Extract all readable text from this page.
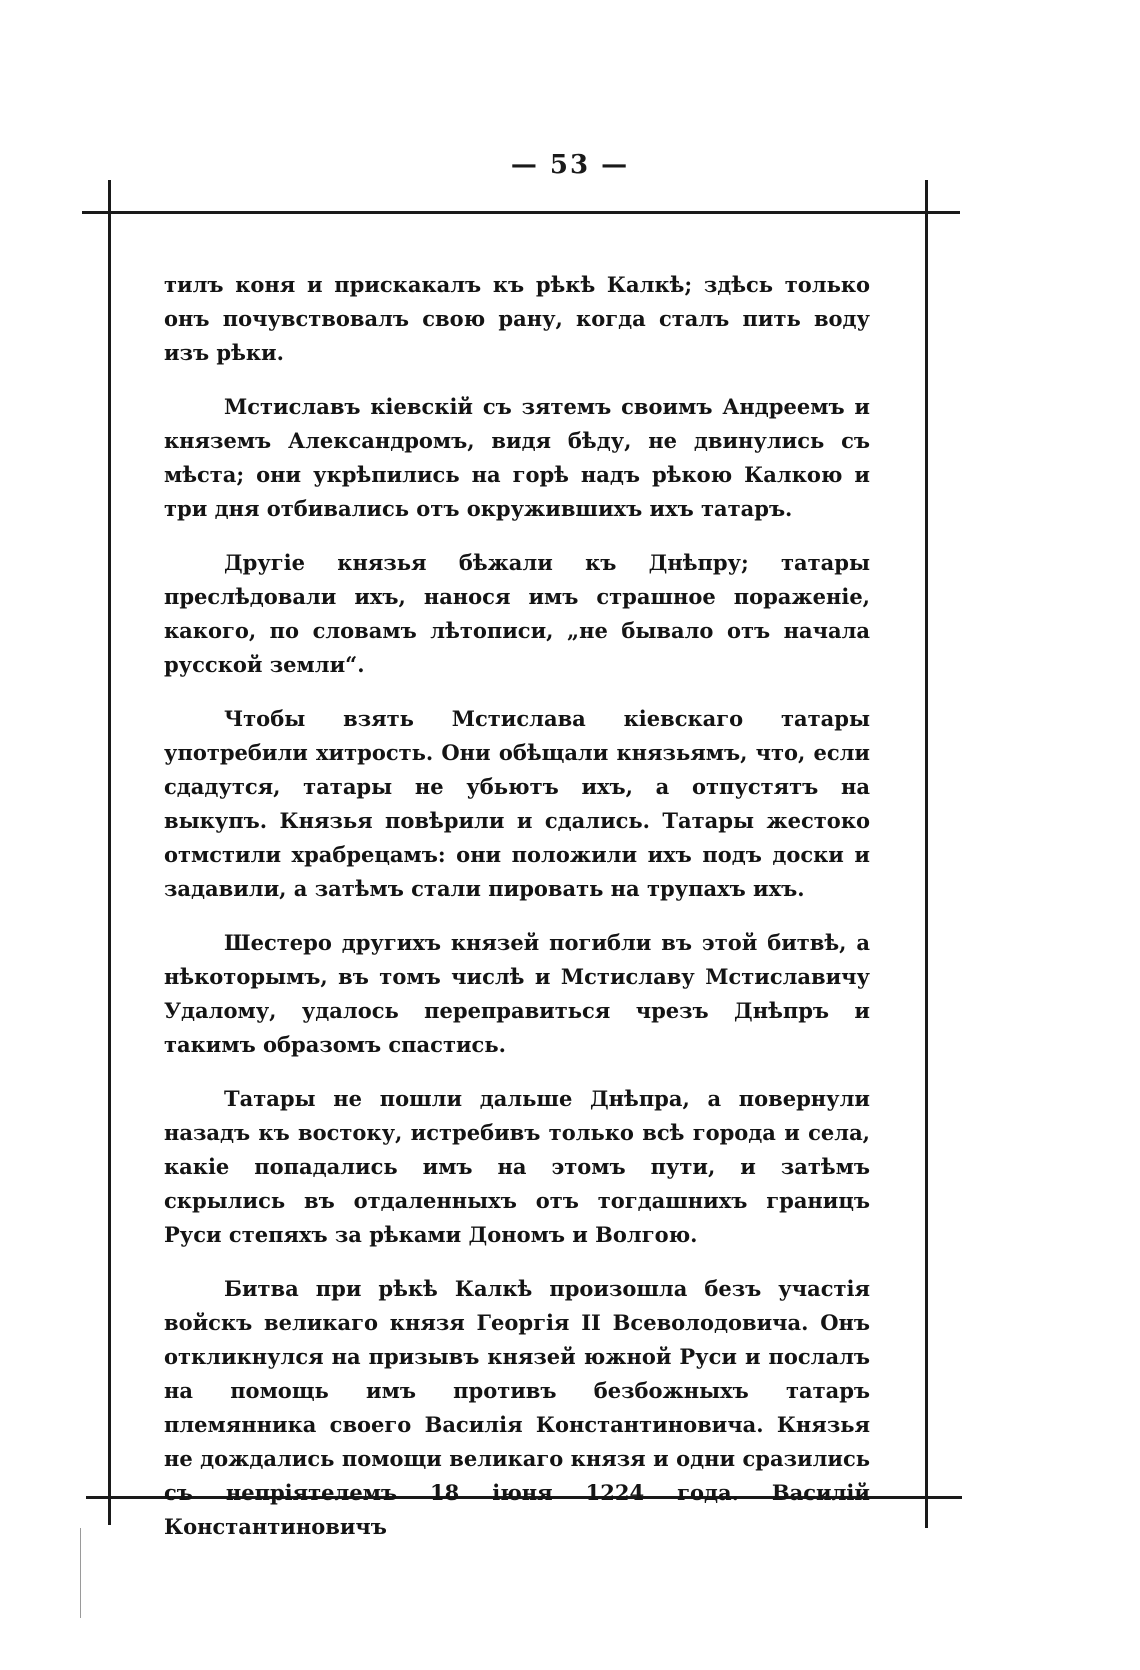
— 53 —

тилъ коня и прискакалъ къ рѣкѣ Калкѣ; здѣсь только онъ почувствовалъ свою рану, когда сталъ пить воду изъ рѣки.

Мстиславъ кіевскій съ зятемъ своимъ Андреемъ и княземъ Александромъ, видя бѣду, не двинулись съ мѣста; они укрѣпились на горѣ надъ рѣкою Калкою и три дня отбивались отъ окружившихъ ихъ татаръ.

Другіе князья бѣжали къ Днѣпру; татары преслѣдовали ихъ, нанося имъ страшное пораженіе, какого, по словамъ лѣтописи, „не бывало отъ начала русской земли“.

Чтобы взять Мстислава кіевскаго татары употребили хитрость. Они обѣщали князьямъ, что, если сдадутся, татары не убьютъ ихъ, а отпустятъ на выкупъ. Князья повѣрили и сдались. Татары жестоко отмстили храбрецамъ: они положили ихъ подъ доски и задавили, а затѣмъ стали пировать на трупахъ ихъ.

Шестеро другихъ князей погибли въ этой битвѣ, а нѣкоторымъ, въ томъ числѣ и Мстиславу Мстиславичу Удалому, удалось переправиться чрезъ Днѣпръ и такимъ образомъ спастись.

Татары не пошли дальше Днѣпра, а повернули назадъ къ востоку, истребивъ только всѣ города и села, какіе попадались имъ на этомъ пути, и затѣмъ скрылись въ отдаленныхъ отъ тогдашнихъ границъ Руси степяхъ за рѣками Дономъ и Волгою.

Битва при рѣкѣ Калкѣ произошла безъ участія войскъ великаго князя Георгія II Всеволодовича. Онъ откликнулся на призывъ князей южной Руси и послалъ на помощь имъ противъ безбожныхъ татаръ племянника своего Василія Константиновича. Князья не дождались помощи великаго князя и одни сразились съ непріятелемъ 18 іюня 1224 года. Василій Константиновичъ
